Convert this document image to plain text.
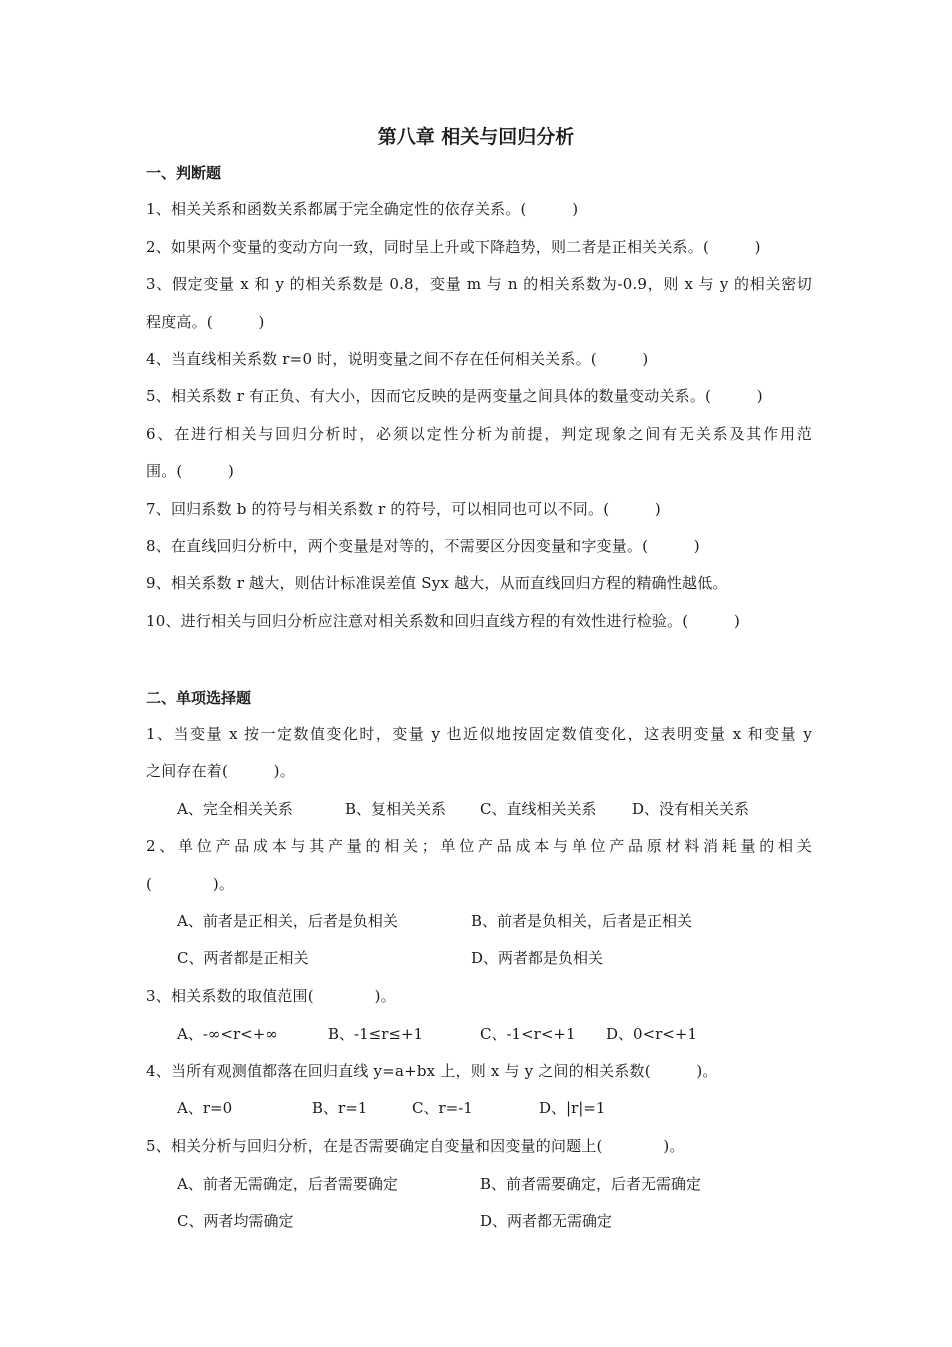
第八章 相关与回归分析
一、判断题
1、相关关系和函数关系都属于完全确定性的依存关系。(　　　)
2、如果两个变量的变动方向一致，同时呈上升或下降趋势，则二者是正相关关系。(　　　)
3、假定变量 x 和 y 的相关系数是 0.8，变量 m 与 n 的相关系数为-0.9，则 x 与 y 的相关密切
程度高。(　　　)
4、当直线相关系数 r=0 时，说明变量之间不存在任何相关关系。(　　　)
5、相关系数 r 有正负、有大小，因而它反映的是两变量之间具体的数量变动关系。(　　　)
6、在进行相关与回归分析时，必须以定性分析为前提，判定现象之间有无关系及其作用范
围。(　　　)
7、回归系数 b 的符号与相关系数 r 的符号，可以相同也可以不同。(　　　)
8、在直线回归分析中，两个变量是对等的，不需要区分因变量和字变量。(　　　)
9、相关系数 r 越大，则估计标准误差值 Syx 越大，从而直线回归方程的精确性越低。
10、进行相关与回归分析应注意对相关系数和回归直线方程的有效性进行检验。(　　　)
二、单项选择题
1、当变量 x 按一定数值变化时，变量 y 也近似地按固定数值变化，这表明变量 x 和变量 y
之间存在着(　　　)。
A、完全相关关系	B、复相关关系 C、直线相关关系 D、没有相关关系
2、单位产品成本与其产量的相关；单位产品成本与单位产品原材料消耗量的相关
(　　　　)。
A、前者是正相关，后者是负相关	B、前者是负相关，后者是正相关
C、两者都是正相关	D、两者都是负相关
3、相关系数的取值范围(　　　　)。
A、-∞<r<+∞	B、-1≤r≤+1	C、-1<r<+1 D、0<r<+1
4、当所有观测值都落在回归直线 y=a+bx 上，则 x 与 y 之间的相关系数(　　　)。
A、r=0	B、r=1	C、r=-1	D、|r|=1
5、相关分析与回归分析，在是否需要确定自变量和因变量的问题上(　　　　)。
A、前者无需确定，后者需要确定	B、前者需要确定，后者无需确定
C、两者均需确定	D、两者都无需确定
